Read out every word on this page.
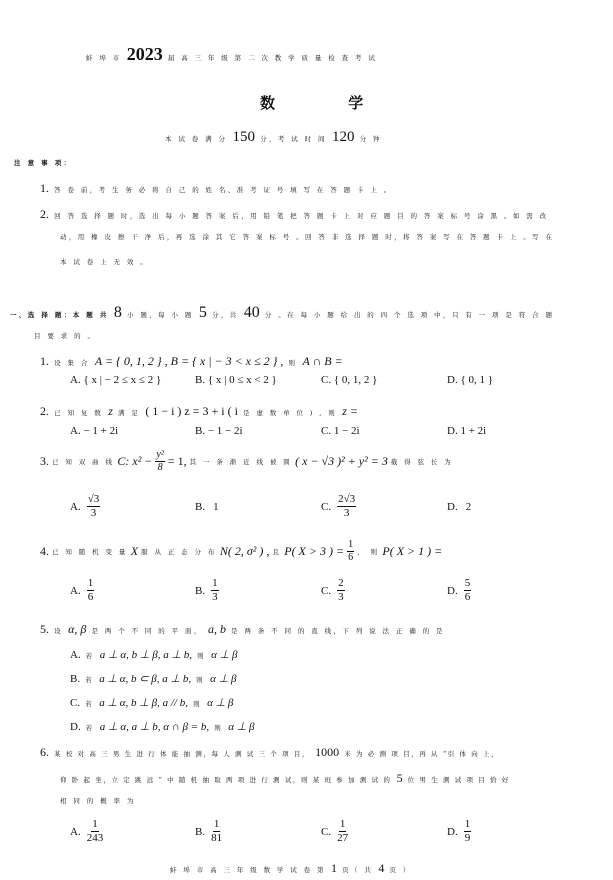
蚌 埠 市 2023 届 高 三 年 级 第 二 次 教 学 质 量 检 查 考 试
数 学
本 试 卷 满 分 150 分，考 试 时 间 120 分 钟
注 意 事 项：
1. 答 卷 前，考 生 务 必 将 自 己 的 姓 名、准 考 证 号 填 写 在 答 题 卡 上 。
2. 回 答 选 择 题 时，选 出 每 小 题 答 案 后，用 铅 笔 把 答 题 卡 上 对 应 题 目 的 答 案 标 号 涂 黑 。如 需 改
动，用 橡 皮 擦 干 净 后，再 选 涂 其 它 答 案 标 号 。回 答 非 选 择 题 时，将 答 案 写 在 答 题 卡 上 。写 在
本 试 卷 上 无 效 。
一、选 择 题：本 题 共 8 小 题，每 小 题 5 分，共 40 分 。在 每 小 题 给 出 的 四 个 选 项 中，只 有 一 项 是 符 合 题
目 要 求 的 。
1. 设 集 合 A = { 0, 1, 2 } , B = { x | − 3 < x ≤ 2 } , 则 A ∩ B =
A. { x | − 2 ≤ x ≤ 2 }	B. { x | 0 ≤ x < 2 }	C. { 0, 1, 2 }	D. { 0, 1 }
2. 已 知 复 数 z 满 足 ( 1 − i ) z = 3 + i ( i 是 虚 数 单 位 ) , 则 z =
A. − 1 + 2i	B. − 1 − 2i	C. 1 − 2i	D. 1 + 2i
3. 已 知 双 曲 线 C: $x^2 - \frac{\text{y²}}{8} = 1$, 其 一 条 渐 近 线 被 圆 ( x − √3 )² + y² = 3 截 得 弦 长 为
A. $\frac{√3}{3}$	B. 1	C. $\frac{2√3}{3}$	D. 2
4. 已 知 随 机 变 量 X 服 从 正 态 分 布 N( 2, σ² ) , 且 P( X > 3 ) = $\frac{1}{6}$ ， 则 P( X > 1 ) =
A. $\frac{1}{6}$	B. $\frac{1}{3}$	C. $\frac{2}{3}$	D. $\frac{5}{6}$
5. 设 α, β 是 两 个 不 同 的 平 面， a, b 是 两 条 不 同 的 直 线，下 列 说 法 正 确 的 是
A. 若 a ⊥ α, b ⊥ β, a ⊥ b, 则 α ⊥ β
B. 若 a ⊥ α, b ⊂ β, a ⊥ b, 则 α ⊥ β
C. 若 a ⊥ α, b ⊥ β, a // b, 则 α ⊥ β
D. 若 a ⊥ α, a ⊥ b, α ∩ β = b, 则 α ⊥ β
6. 某 校 对 高 三 男 生 进 行 体 能 抽 测，每 人 测 试 三 个 项 目， 1000 米 为 必 测 项 目，再 从 “引 体 向 上，
仰 卧 起 坐，立 定 跳 远 ” 中 随 机 抽 取 两 项 进 行 测 试，则 某 班 参 加 测 试 的 5 位 男 生 测 试 项 目 恰 好
相 同 的 概 率 为
A. $\frac{1}{243}$	B. $\frac{1}{81}$	C. $\frac{1}{27}$	D. $\frac{1}{9}$
蚌 埠 市 高 三 年 级 数 学 试 卷 第 1 页（ 共 4 页 ）
